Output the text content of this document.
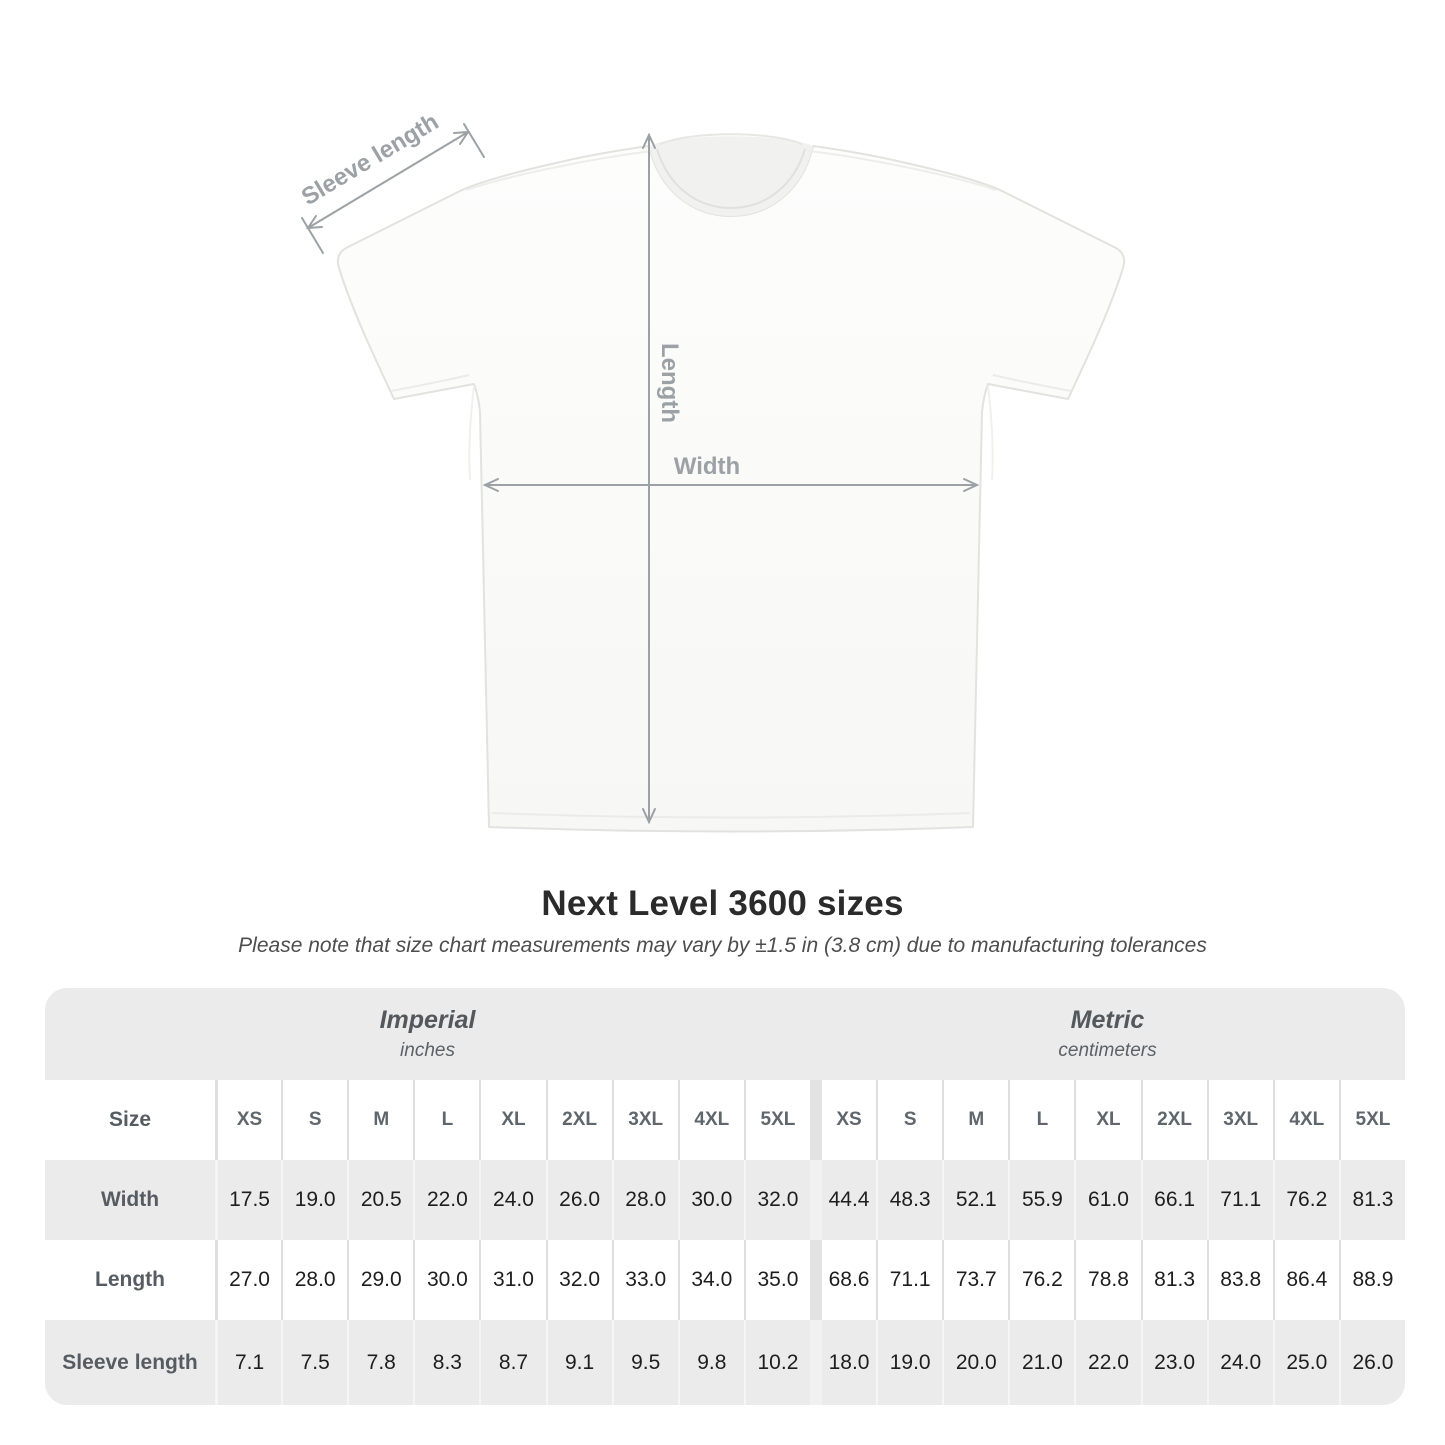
Sleeve length
Length
Width
Next Level 3600 sizes

Please note that size chart measurements may vary by ±1.5 in (3.8 cm) due to manufacturing tolerances

Imperial
inches
Metric
centimeters
Size	XS	S	M	L	XL	2XL	3XL	4XL	5XL	XS	S	M	L	XL	2XL	3XL	4XL	5XL
Width	17.5	19.0	20.5	22.0	24.0	26.0	28.0	30.0	32.0	44.4 48.3	52.1	55.9	61.0	66.1	71.1	76.2	81.3
Length	27.0	28.0	29.0	30.0	31.0	32.0	33.0	34.0	35.0	68.6 71.1	73.7	76.2	78.8	81.3	83.8	86.4	88.9
Sleeve length	7.1	7.5	7.8	8.3	8.7	9.1	9.5	9.8	10.2	18.0 19.0	20.0	21.0	22.0	23.0	24.0	25.0	26.0
